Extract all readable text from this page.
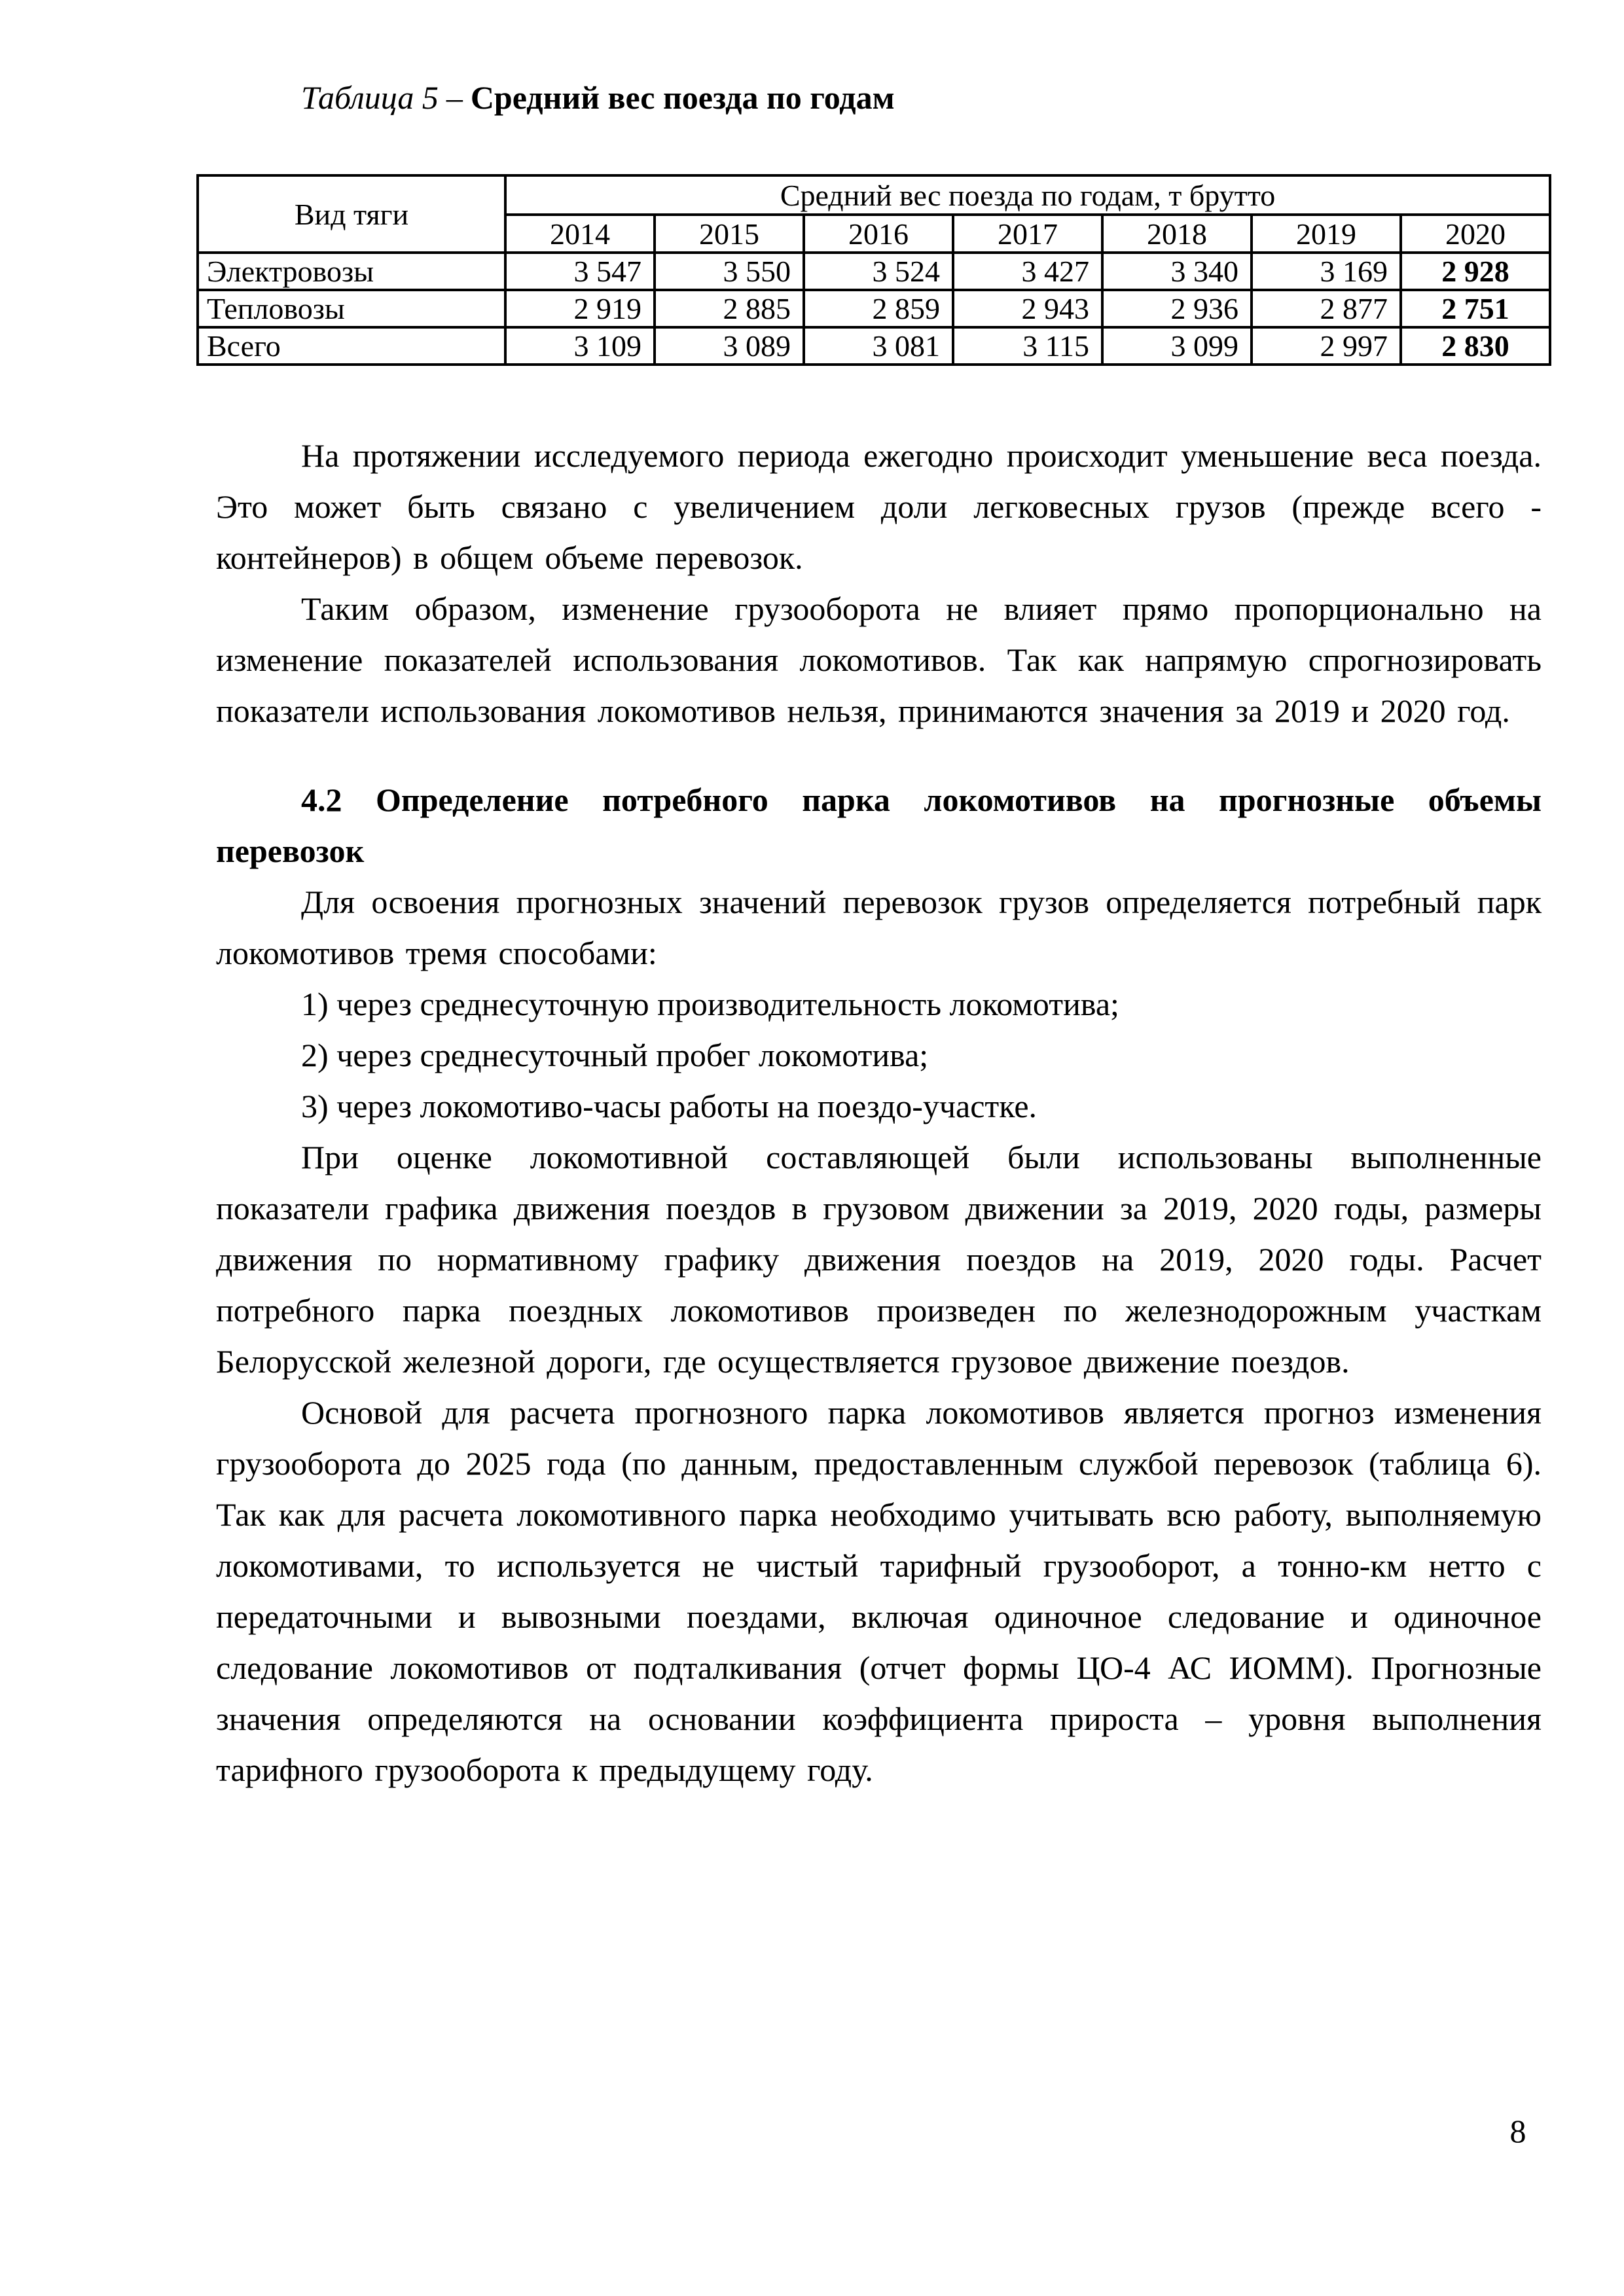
Таблица 5 – Средний вес поезда по годам
Вид тяги	Средний вес поезда по годам, т брутто						
	2014	2015	2016	2017	2018	2019	2020
Электровозы	3 547	3 550	3 524	3 427	3 340	3 169	2 928
Тепловозы	2 919	2 885	2 859	2 943	2 936	2 877	2 751
Всего	3 109	3 089	3 081	3 115	3 099	2 997	2 830

На протяжении исследуемого периода ежегодно происходит уменьшение веса поезда. Это может быть связано с увеличением доли легковесных грузов (прежде всего - контейнеров) в общем объеме перевозок.

Таким образом, изменение грузооборота не влияет прямо пропорционально на изменение показателей использования локомотивов. Так как напрямую спрогнозировать показатели использования локомотивов нельзя, принимаются значения за 2019 и 2020 год.

4.2 Определение потребного парка локомотивов на прогнозные объемы перевозок

Для освоения прогнозных значений перевозок грузов определяется потребный парк локомотивов тремя способами:

1) через среднесуточную производительность локомотива;
2) через среднесуточный пробег локомотива;
3) через локомотиво-часы работы на поездо-участке.

При оценке локомотивной составляющей были использованы выполненные показатели графика движения поездов в грузовом движении за 2019, 2020 годы, размеры движения по нормативному графику движения поездов на 2019, 2020 годы. Расчет потребного парка поездных локомотивов произведен по железнодорожным участкам Белорусской железной дороги, где осуществляется грузовое движение поездов.

Основой для расчета прогнозного парка локомотивов является прогноз изменения грузооборота до 2025 года (по данным, предоставленным службой перевозок (таблица 6). Так как для расчета локомотивного парка необходимо учитывать всю работу, выполняемую локомотивами, то используется не чистый тарифный грузооборот, а тонно-км нетто с передаточными и вывозными поездами, включая одиночное следование и одиночное следование локомотивов от подталкивания (отчет формы ЦО-4 АС ИОММ). Прогнозные значения определяются на основании коэффициента прироста – уровня выполнения тарифного грузооборота к предыдущему году.

8
